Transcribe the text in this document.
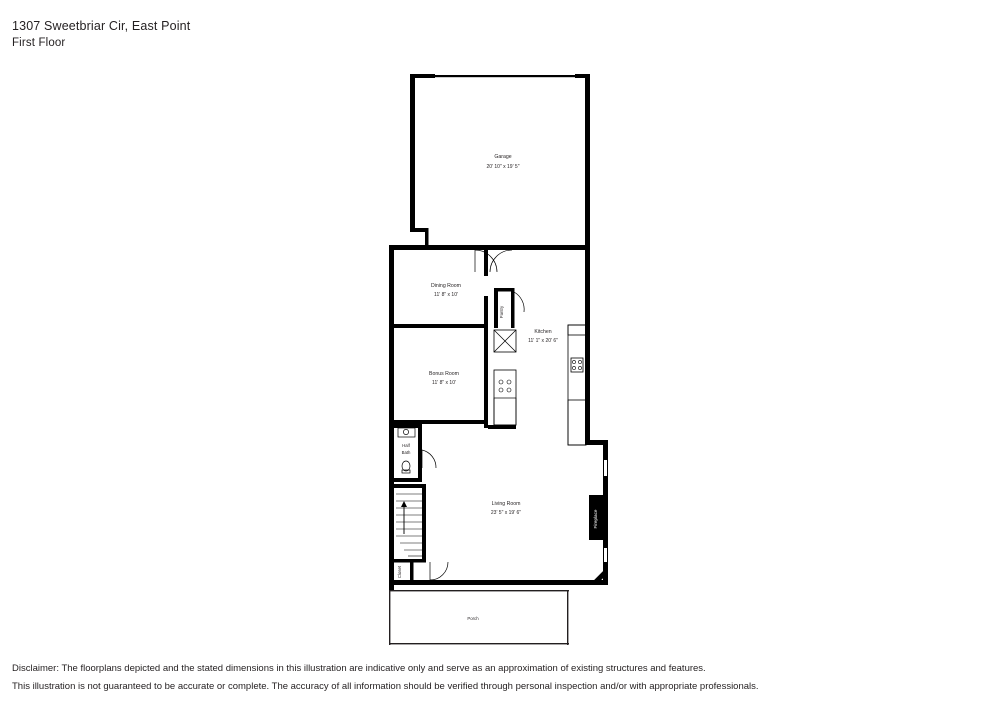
1307 Sweetbriar Cir, East Point
First Floor
Garage
20' 10" x 19' 5"
Dining Room
11' 8" x 10'
Pantry
Kitchen
11' 1" x 20' 6"
Bonus Room
11' 8" x 10'
Half
Bath
Closet
Living Room
23' 5" x 19' 6"	Fireplace
Porch
Disclaimer: The floorplans depicted and the stated dimensions in this illustration are indicative only and serve as an approximation of existing structures and features.
This illustration is not guaranteed to be accurate or complete. The accuracy of all information should be verified through personal inspection and/or with appropriate professionals.
